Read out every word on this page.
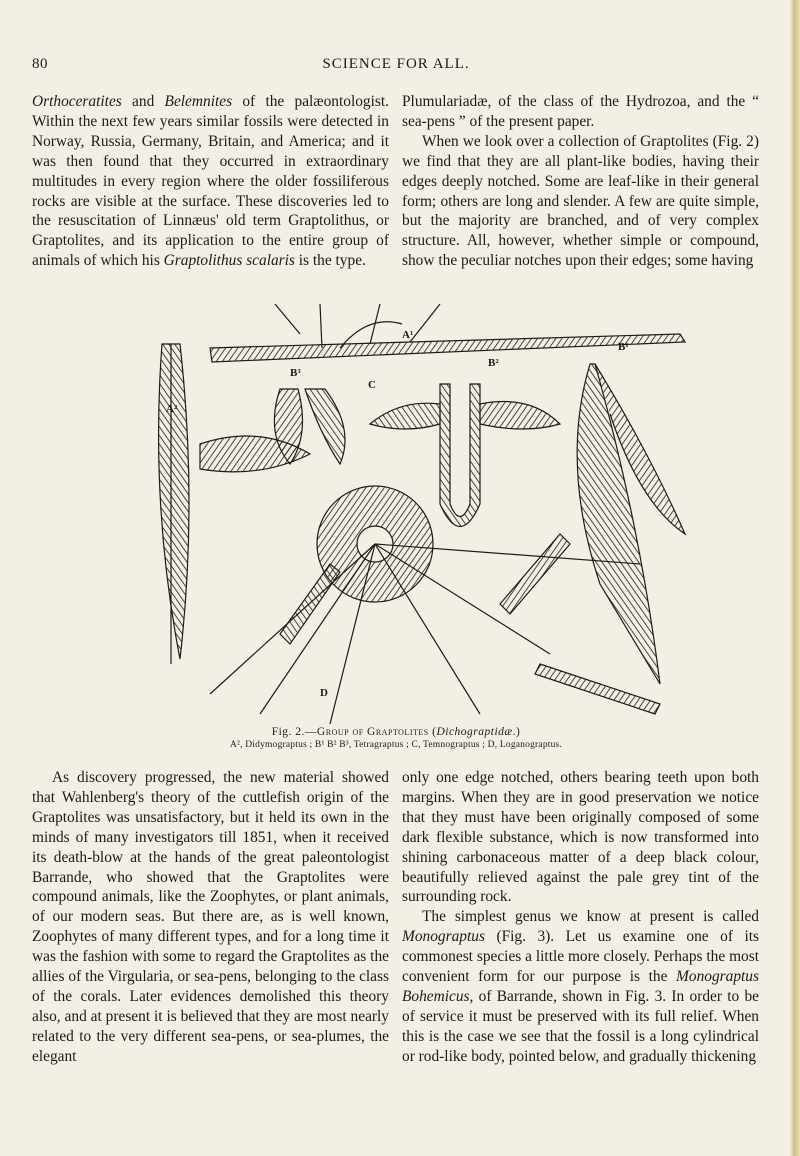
80	SCIENCE FOR ALL.

Orthoceratites and Belemnites of the palæontologist. Within the next few years similar fossils were detected in Norway, Russia, Germany, Britain, and America; and it was then found that they occurred in extraordinary multitudes in every region where the older fossiliferous rocks are visible at the surface. These discoveries led to the resuscitation of Linnæus' old term Graptolithus, or Graptolites, and its application to the entire group of animals of which his Graptolithus scalaris is the type.

Plumulariadæ, of the class of the Hydrozoa, and the “ sea-pens ” of the present paper.

When we look over a collection of Graptolites (Fig. 2) we find that they are all plant-like bodies, having their edges deeply notched. Some are leaf-like in their general form; others are long and slender. A few are quite simple, but the majority are branched, and of very complex structure. All, however, whether simple or compound, show the peculiar notches upon their edges; some having

A¹
A²
B³
B²
B¹
C
D
Fig. 2.—Group of Graptolites (Dichograptidæ.)
A², Didymograptus ; B¹ B² B³, Tetragraptus ; C, Temnograptus ; D, Loganograptus.

As discovery progressed, the new material showed that Wahlenberg's theory of the cuttlefish origin of the Graptolites was unsatisfactory, but it held its own in the minds of many investigators till 1851, when it received its death-blow at the hands of the great paleontologist Barrande, who showed that the Graptolites were compound animals, like the Zoophytes, or plant animals, of our modern seas. But there are, as is well known, Zoophytes of many different types, and for a long time it was the fashion with some to regard the Graptolites as the allies of the Virgularia, or sea-pens, belonging to the class of the corals. Later evidences demolished this theory also, and at present it is believed that they are most nearly related to the very different sea-pens, or sea-plumes, the elegant

only one edge notched, others bearing teeth upon both margins. When they are in good preservation we notice that they must have been originally composed of some dark flexible substance, which is now transformed into shining carbonaceous matter of a deep black colour, beautifully relieved against the pale grey tint of the surrounding rock.

The simplest genus we know at present is called Monograptus (Fig. 3). Let us examine one of its commonest species a little more closely. Perhaps the most convenient form for our purpose is the Monograptus Bohemicus, of Barrande, shown in Fig. 3. In order to be of service it must be preserved with its full relief. When this is the case we see that the fossil is a long cylindrical or rod-like body, pointed below, and gradually thickening
